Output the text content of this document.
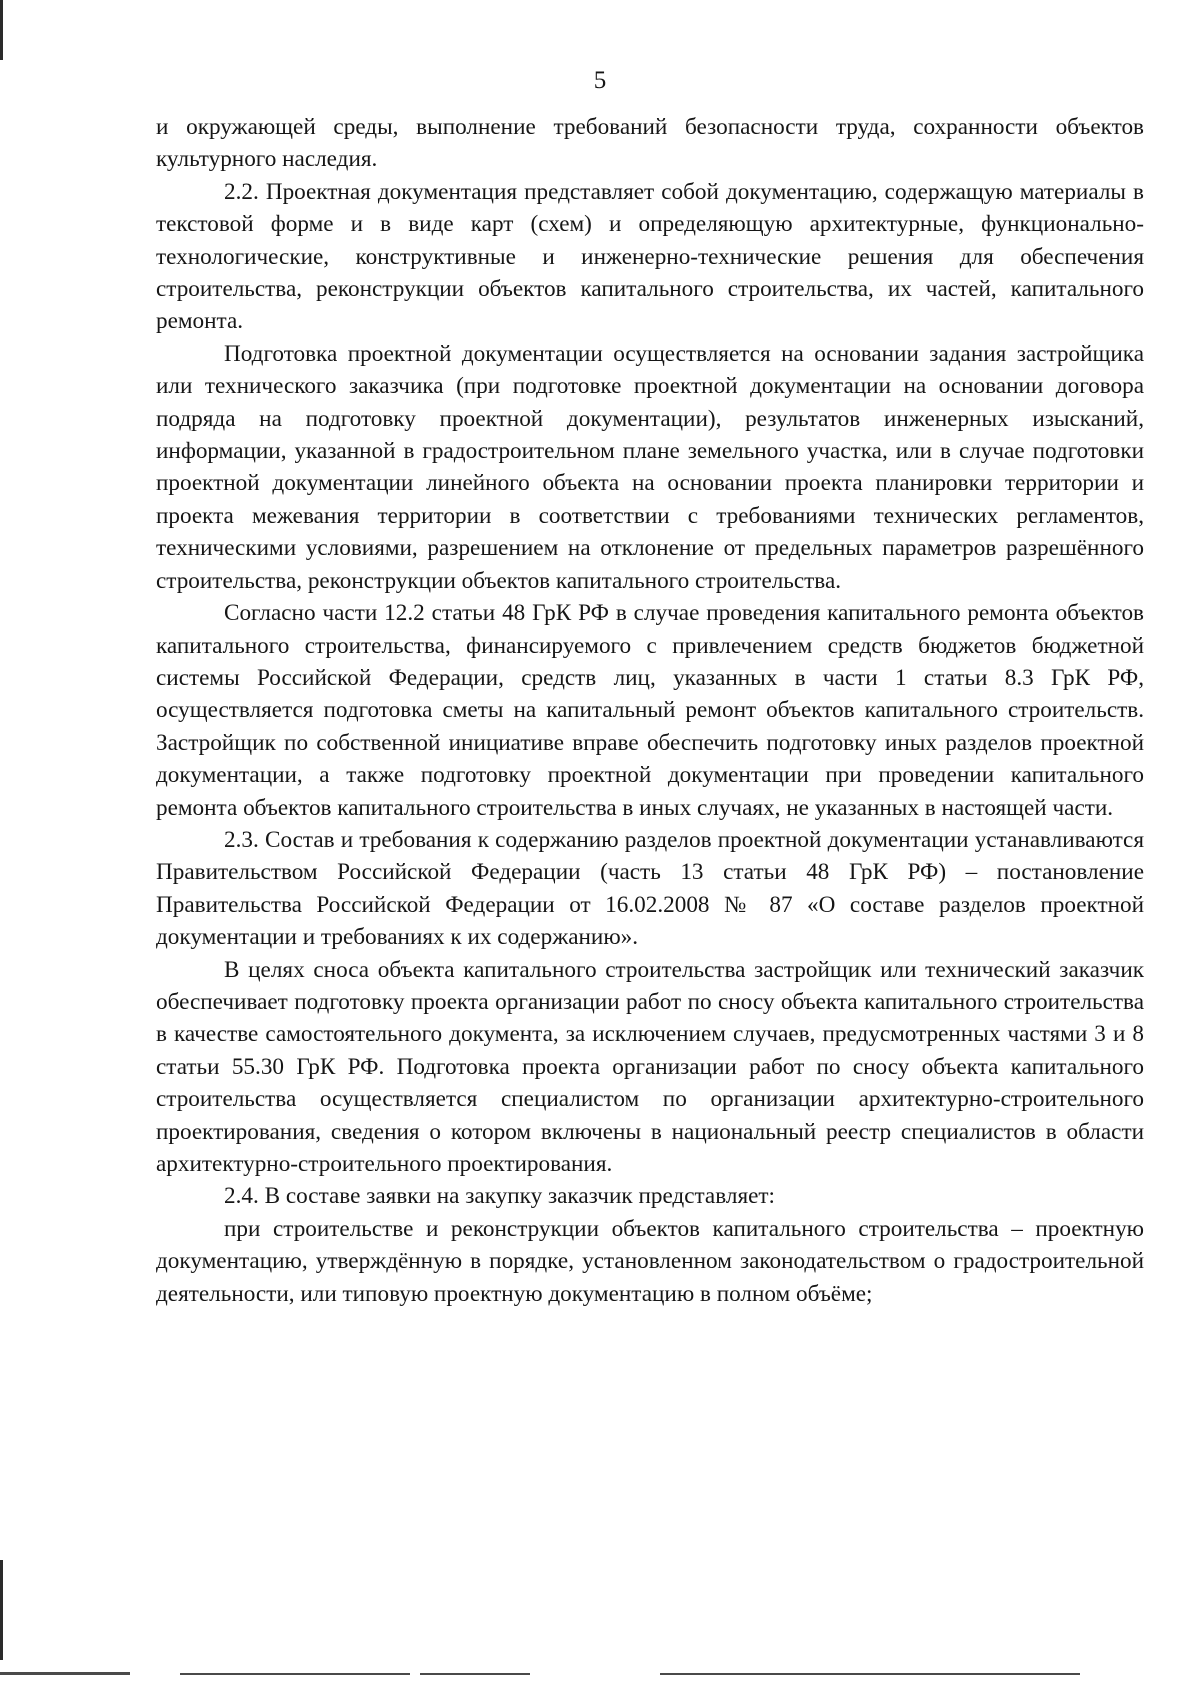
5

и окружающей среды, выполнение требований безопасности труда, сохранности объектов культурного наследия.

2.2. Проектная документация представляет собой документацию, содержащую материалы в текстовой форме и в виде карт (схем) и определяющую архитектурные, функционально-технологические, конструктивные и инженерно-технические решения для обеспечения строительства, реконструкции объектов капитального строительства, их частей, капитального ремонта.

Подготовка проектной документации осуществляется на основании задания застройщика или технического заказчика (при подготовке проектной документации на основании договора подряда на подготовку проектной документации), результатов инженерных изысканий, информации, указанной в градостроительном плане земельного участка, или в случае подготовки проектной документации линейного объекта на основании проекта планировки территории и проекта межевания территории в соответствии с требованиями технических регламентов, техническими условиями, разрешением на отклонение от предельных параметров разрешённого строительства, реконструкции объектов капитального строительства.

Согласно части 12.2 статьи 48 ГрК РФ в случае проведения капитального ремонта объектов капитального строительства, финансируемого с привлечением средств бюджетов бюджетной системы Российской Федерации, средств лиц, указанных в части 1 статьи 8.3 ГрК РФ, осуществляется подготовка сметы на капитальный ремонт объектов капитального строительств. Застройщик по собственной инициативе вправе обеспечить подготовку иных разделов проектной документации, а также подготовку проектной документации при проведении капитального ремонта объектов капитального строительства в иных случаях, не указанных в настоящей части.

2.3. Состав и требования к содержанию разделов проектной документации устанавливаются Правительством Российской Федерации (часть 13 статьи 48 ГрК РФ) – постановление Правительства Российской Федерации от 16.02.2008 № 87 «О составе разделов проектной документации и требованиях к их содержанию».

В целях сноса объекта капитального строительства застройщик или технический заказчик обеспечивает подготовку проекта организации работ по сносу объекта капитального строительства в качестве самостоятельного документа, за исключением случаев, предусмотренных частями 3 и 8 статьи 55.30 ГрК РФ. Подготовка проекта организации работ по сносу объекта капитального строительства осуществляется специалистом по организации архитектурно-строительного проектирования, сведения о котором включены в национальный реестр специалистов в области архитектурно-строительного проектирования.

2.4. В составе заявки на закупку заказчик представляет:

при строительстве и реконструкции объектов капитального строительства – проектную документацию, утверждённую в порядке, установленном законодательством о градостроительной деятельности, или типовую проектную документацию в полном объёме;
